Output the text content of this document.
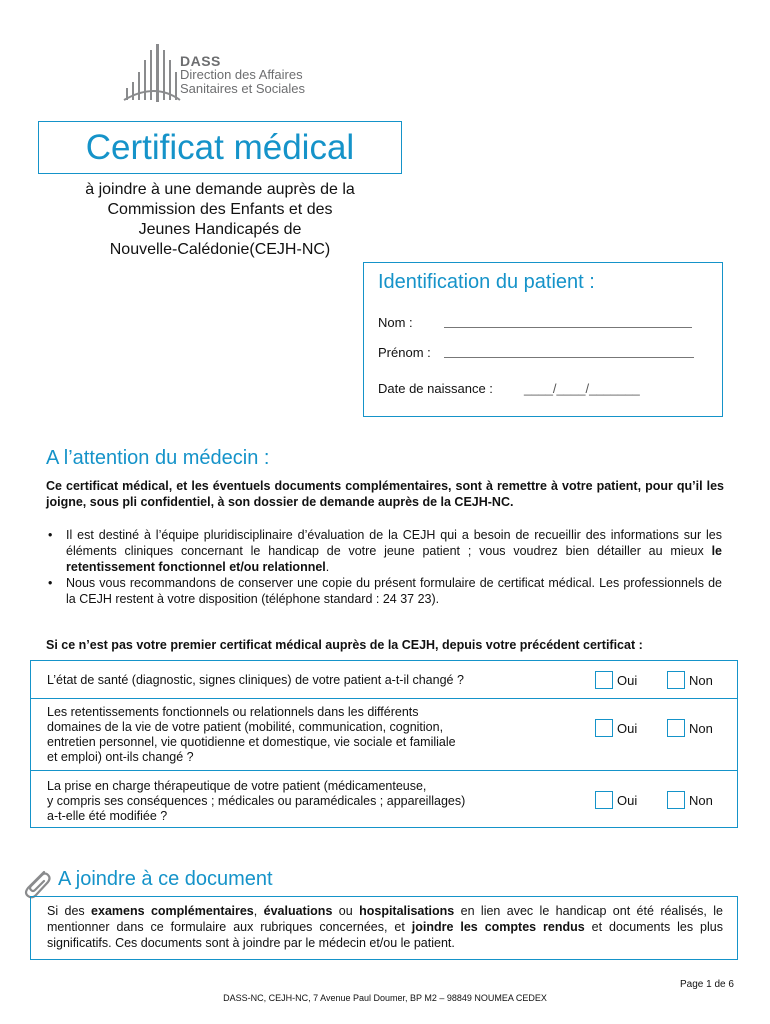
DASS
Direction des Affaires
Sanitaires et Sociales
Certificat médical
à joindre à une demande auprès de la
Commission des Enfants et des
Jeunes Handicapés de
Nouvelle-Calédonie(CEJH-NC)
Identification du patient :
Nom :
Prénom :
Date de naissance : ____/____/_______
A l’attention du médecin :
Ce certificat médical, et les éventuels documents complémentaires, sont à remettre à votre patient, pour qu’il les joigne, sous pli confidentiel, à son dossier de demande auprès de la CEJH-NC.
• Il est destiné à l’équipe pluridisciplinaire d’évaluation de la CEJH qui a besoin de recueillir des informations sur les éléments cliniques concernant le handicap de votre jeune patient ; vous voudrez bien détailler au mieux le retentissement fonctionnel et/ou relationnel.
• Nous vous recommandons de conserver une copie du présent formulaire de certificat médical. Les professionnels de la CEJH restent à votre disposition (téléphone standard : 24 37 23).
Si ce n’est pas votre premier certificat médical auprès de la CEJH, depuis votre précédent certificat :
L’état de santé (diagnostic, signes cliniques) de votre patient a-t-il changé ?	Oui	Non
Les retentissements fonctionnels ou relationnels dans les différents
domaines de la vie de votre patient (mobilité, communication, cognition,
entretien personnel, vie quotidienne et domestique, vie sociale et familiale
et emploi) ont-ils changé ?
Oui	Non
La prise en charge thérapeutique de votre patient (médicamenteuse,
y compris ses conséquences ; médicales ou paramédicales ; appareillages)
a-t-elle été modifiée ?
Oui	Non
A joindre à ce document
Si des examens complémentaires, évaluations ou hospitalisations en lien avec le handicap ont été réalisés, le mentionner dans ce formulaire aux rubriques concernées, et joindre les comptes rendus et documents les plus significatifs. Ces documents sont à joindre par le médecin et/ou le patient.
Page 1 de 6
DASS-NC, CEJH-NC, 7 Avenue Paul Doumer, BP M2 – 98849 NOUMEA CEDEX
